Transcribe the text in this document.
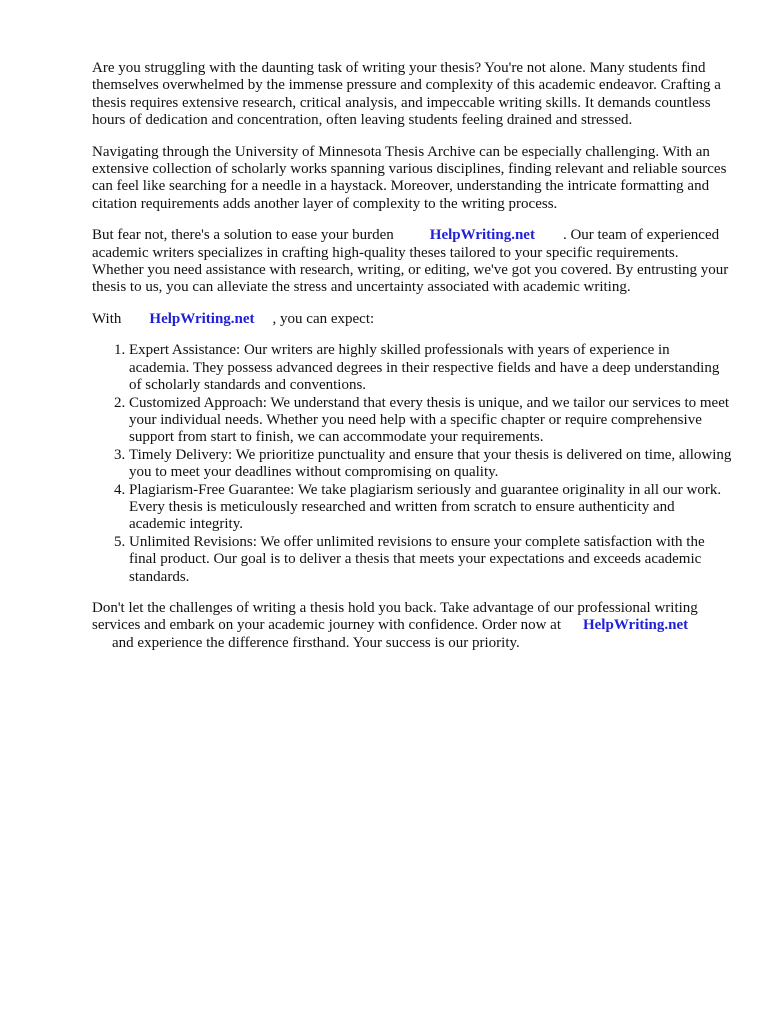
Are you struggling with the daunting task of writing your thesis? You're not alone. Many students find themselves overwhelmed by the immense pressure and complexity of this academic endeavor. Crafting a thesis requires extensive research, critical analysis, and impeccable writing skills. It demands countless hours of dedication and concentration, often leaving students feeling drained and stressed.

Navigating through the University of Minnesota Thesis Archive can be especially challenging. With an extensive collection of scholarly works spanning various disciplines, finding relevant and reliable sources can feel like searching for a needle in a haystack. Moreover, understanding the intricate formatting and citation requirements adds another layer of complexity to the writing process.

But fear not, there's a solution to ease your burden HelpWriting.net . Our team of experienced academic writers specializes in crafting high-quality theses tailored to your specific requirements. Whether you need assistance with research, writing, or editing, we've got you covered. By entrusting your thesis to us, you can alleviate the stress and uncertainty associated with academic writing.

With HelpWriting.net , you can expect:

1. Expert Assistance: Our writers are highly skilled professionals with years of experience in academia. They possess advanced degrees in their respective fields and have a deep understanding of scholarly standards and conventions.
2. Customized Approach: We understand that every thesis is unique, and we tailor our services to meet your individual needs. Whether you need help with a specific chapter or require comprehensive support from start to finish, we can accommodate your requirements.
3. Timely Delivery: We prioritize punctuality and ensure that your thesis is delivered on time, allowing you to meet your deadlines without compromising on quality.
4. Plagiarism-Free Guarantee: We take plagiarism seriously and guarantee originality in all our work. Every thesis is meticulously researched and written from scratch to ensure authenticity and academic integrity.
5. Unlimited Revisions: We offer unlimited revisions to ensure your complete satisfaction with the final product. Our goal is to deliver a thesis that meets your expectations and exceeds academic standards.

Don't let the challenges of writing a thesis hold you back. Take advantage of our professional writing services and embark on your academic journey with confidence. Order now at HelpWriting.net
and experience the difference firsthand. Your success is our priority.
